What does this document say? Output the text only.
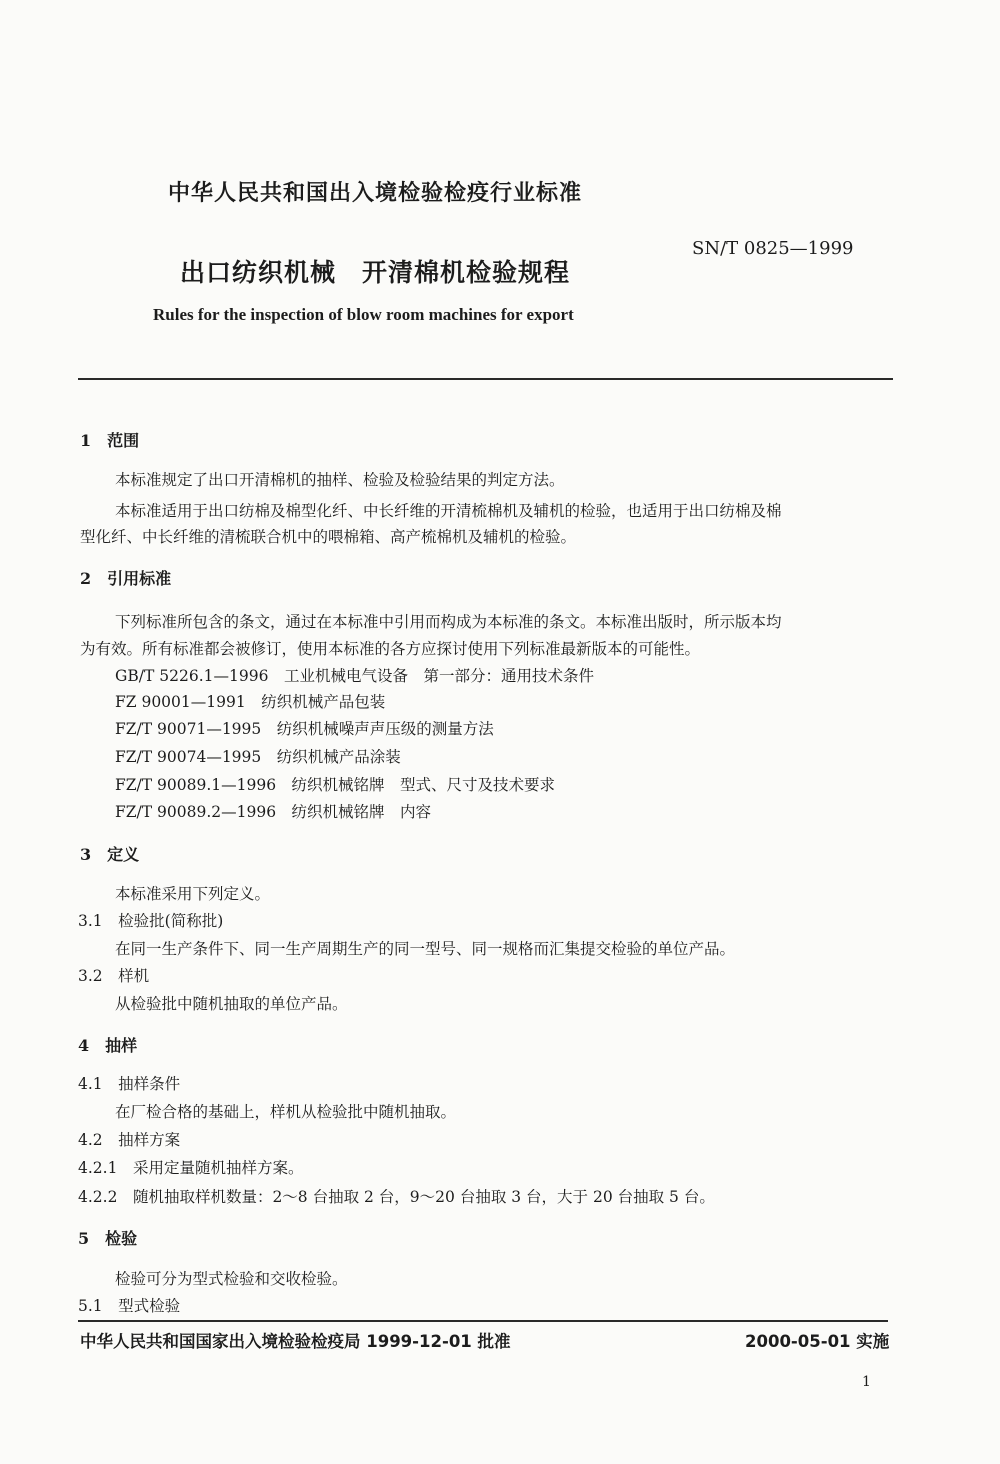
中华人民共和国出入境检验检疫行业标准
SN/T 0825—1999
出口纺织机械　开清棉机检验规程
Rules for the inspection of blow room machines for export
1　范围
本标准规定了出口开清棉机的抽样、检验及检验结果的判定方法。
本标准适用于出口纺棉及棉型化纤、中长纤维的开清梳棉机及辅机的检验，也适用于出口纺棉及棉
型化纤、中长纤维的清梳联合机中的喂棉箱、高产梳棉机及辅机的检验。
2　引用标准
下列标准所包含的条文，通过在本标准中引用而构成为本标准的条文。本标准出版时，所示版本均
为有效。所有标准都会被修订，使用本标准的各方应探讨使用下列标准最新版本的可能性。
GB/T 5226.1—1996　工业机械电气设备　第一部分：通用技术条件
FZ 90001—1991　纺织机械产品包装
FZ/T 90071—1995　纺织机械噪声声压级的测量方法
FZ/T 90074—1995　纺织机械产品涂装
FZ/T 90089.1—1996　纺织机械铭牌　型式、尺寸及技术要求
FZ/T 90089.2—1996　纺织机械铭牌　内容
3　定义
本标准采用下列定义。
3.1　检验批(简称批)
在同一生产条件下、同一生产周期生产的同一型号、同一规格而汇集提交检验的单位产品。
3.2　样机
从检验批中随机抽取的单位产品。
4　抽样
4.1　抽样条件
在厂检合格的基础上，样机从检验批中随机抽取。
4.2　抽样方案
4.2.1　采用定量随机抽样方案。
4.2.2　随机抽取样机数量：2～8 台抽取 2 台，9～20 台抽取 3 台，大于 20 台抽取 5 台。
5　检验
检验可分为型式检验和交收检验。
5.1　型式检验
中华人民共和国国家出入境检验检疫局 1999-12-01 批准	2000-05-01 实施
1
